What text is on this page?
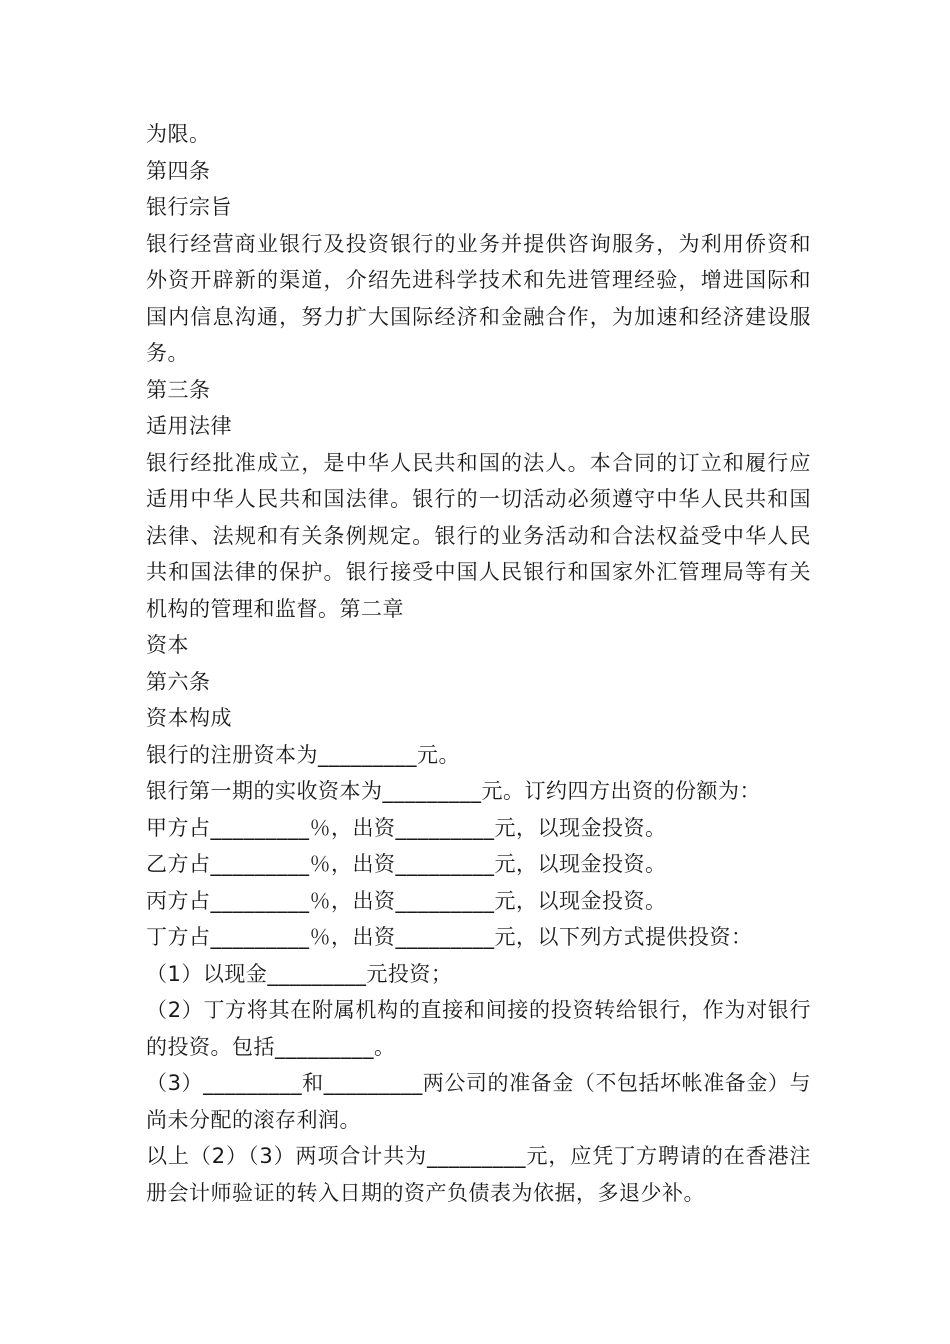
为限。
第四条
银行宗旨
银行经营商业银行及投资银行的业务并提供咨询服务，为利用侨资和外资开辟新的渠道，介绍先进科学技术和先进管理经验，增进国际和国内信息沟通，努力扩大国际经济和金融合作，为加速和经济建设服务。
第三条
适用法律
银行经批准成立，是中华人民共和国的法人。本合同的订立和履行应适用中华人民共和国法律。银行的一切活动必须遵守中华人民共和国法律、法规和有关条例规定。银行的业务活动和合法权益受中华人民共和国法律的保护。银行接受中国人民银行和国家外汇管理局等有关机构的管理和监督。第二章
资本
第六条
资本构成
银行的注册资本为_________元。
银行第一期的实收资本为_________元。订约四方出资的份额为：
甲方占_________％，出资_________元，以现金投资。
乙方占_________％，出资_________元，以现金投资。
丙方占_________％，出资_________元，以现金投资。
丁方占_________％，出资_________元，以下列方式提供投资：
（1）以现金_________元投资；
（2）丁方将其在附属机构的直接和间接的投资转给银行，作为对银行的投资。包括_________。
（3）_________和_________两公司的准备金（不包括坏帐准备金）与尚未分配的滚存利润。
以上（2）（3）两项合计共为_________元，应凭丁方聘请的在香港注册会计师验证的转入日期的资产负债表为依据，多退少补。
